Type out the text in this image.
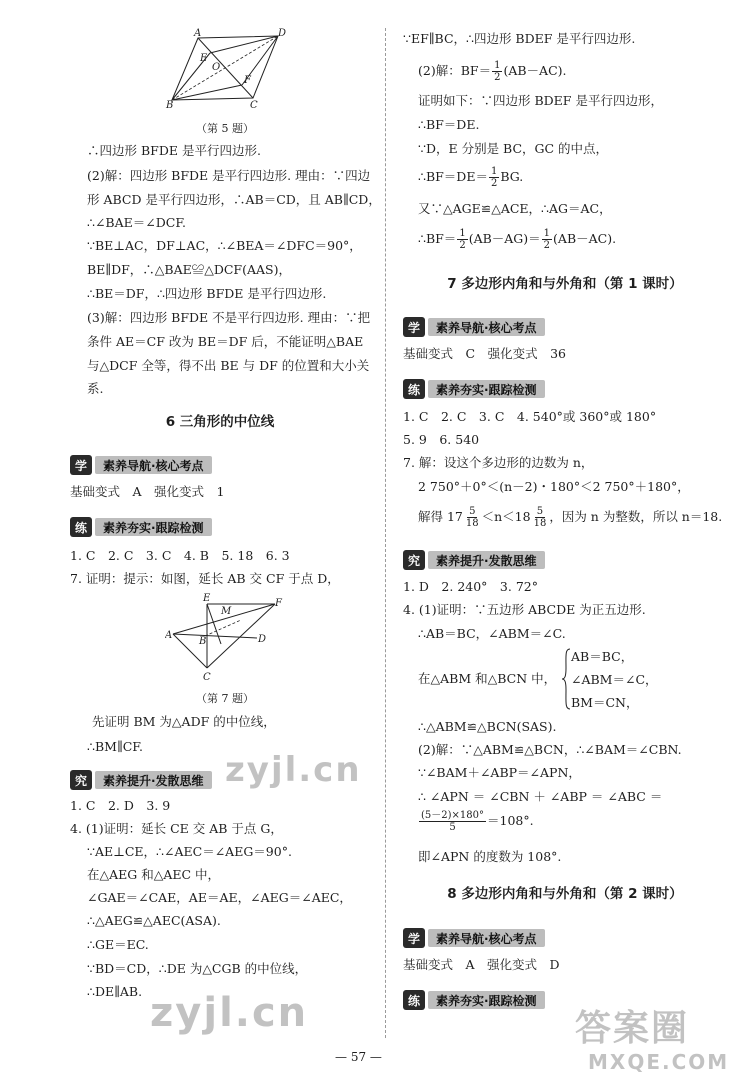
A	D
E
O
F
B	C
（第 5 题）
∴四边形 BFDE 是平行四边形.
(2)解：四边形 BFDE 是平行四边形. 理由：∵四边
形 ABCD 是平行四边形，∴AB＝CD，且 AB∥CD，
∴∠BAE＝∠DCF.
∵BE⊥AC，DF⊥AC，∴∠BEA＝∠DFC＝90°，
BE∥DF，∴△BAE≌△DCF(AAS)，
∴BE＝DF，∴四边形 BFDE 是平行四边形.
(3)解：四边形 BFDE 不是平行四边形. 理由：∵把
条件 AE＝CF 改为 BE＝DF 后，不能证明△BAE
与△DCF 全等，得不出 BE 与 DF 的位置和大小关
系.
6 三角形的中位线
学	素养导航·核心考点
基础变式　A　强化变式　1
练	素养夯实·跟踪检测
1. C　2. C　3. C　4. B　5. 18　6. 3
7. 证明：提示：如图，延长 AB 交 CF 于点 D，
E
M
F
A
B	D
C
（第 7 题）
先证明 BM 为△ADF 的中位线，
∴BM∥CF.
究	素养提升·发散思维
1. C　2. D　3. 9
4. (1)证明：延长 CE 交 AB 于点 G，
∵AE⊥CE，∴∠AEC＝∠AEG＝90°.
在△AEG 和△AEC 中，
∠GAE＝∠CAE，AE＝AE，∠AEG＝∠AEC，
∴△AEG≌△AEC(ASA).
∴GE＝EC.
∵BD＝CD，∴DE 为△CGB 的中位线，
∴DE∥AB.
∵EF∥BC，∴四边形 BDEF 是平行四边形.
(2)解：$BF= \frac{1}{2} (AB-AC)$.
证明如下：∵四边形 BDEF 是平行四边形，
∴BF＝DE.
∵D，E 分别是 BC，GC 的中点，
∴BF＝DE＝ $\frac{1}{2}$ BG.
又∵△AGE≌△ACE，∴AG＝AC，
∴BF＝ $\frac{1}{2} (AB-AG)= \frac{1}{2} (AB-AC)$.
7 多边形内角和与外角和（第 1 课时）
学	素养导航·核心考点
基础变式　C　强化变式　36
练	素养夯实·跟踪检测
1. C　2. C　3. C　4. 540°或 360°或 180°
5. 9　6. 540
7. 解：设这个多边形的边数为 n，
2 750°＋0°＜(n－2)・180°＜2 750°＋180°，
解得 $17 \frac{5}{18} <n<18 \frac{5}{18}$ ，因为 n 为整数，所以 n＝18.
究	素养提升·发散思维
1. D　2. 240°　3. 72°
4. (1)证明：∵五边形 ABCDE 为正五边形.
∴AB＝BC，∠ABM＝∠C.
在△ABM 和△BCN 中，
AB＝BC，
∠ABM＝∠C，
BM＝CN，
∴△ABM≌△BCN(SAS).
(2)解：∵△ABM≌△BCN，∴∠BAM＝∠CBN.
∵∠BAM＋∠ABP＝∠APN，
∴ ∠APN ＝ ∠CBN ＋ ∠ABP ＝ ∠ABC ＝
$\frac{(5-2)\times 180^\circ}{5} =108^\circ$.
即∠APN 的度数为 108°.
8 多边形内角和与外角和（第 2 课时）
学	素养导航·核心考点
基础变式　A　强化变式　D
练	素养夯实·跟踪检测
zyjl.cn
zyjl.cn	答案圈
MXQE.COM
— 57 —
